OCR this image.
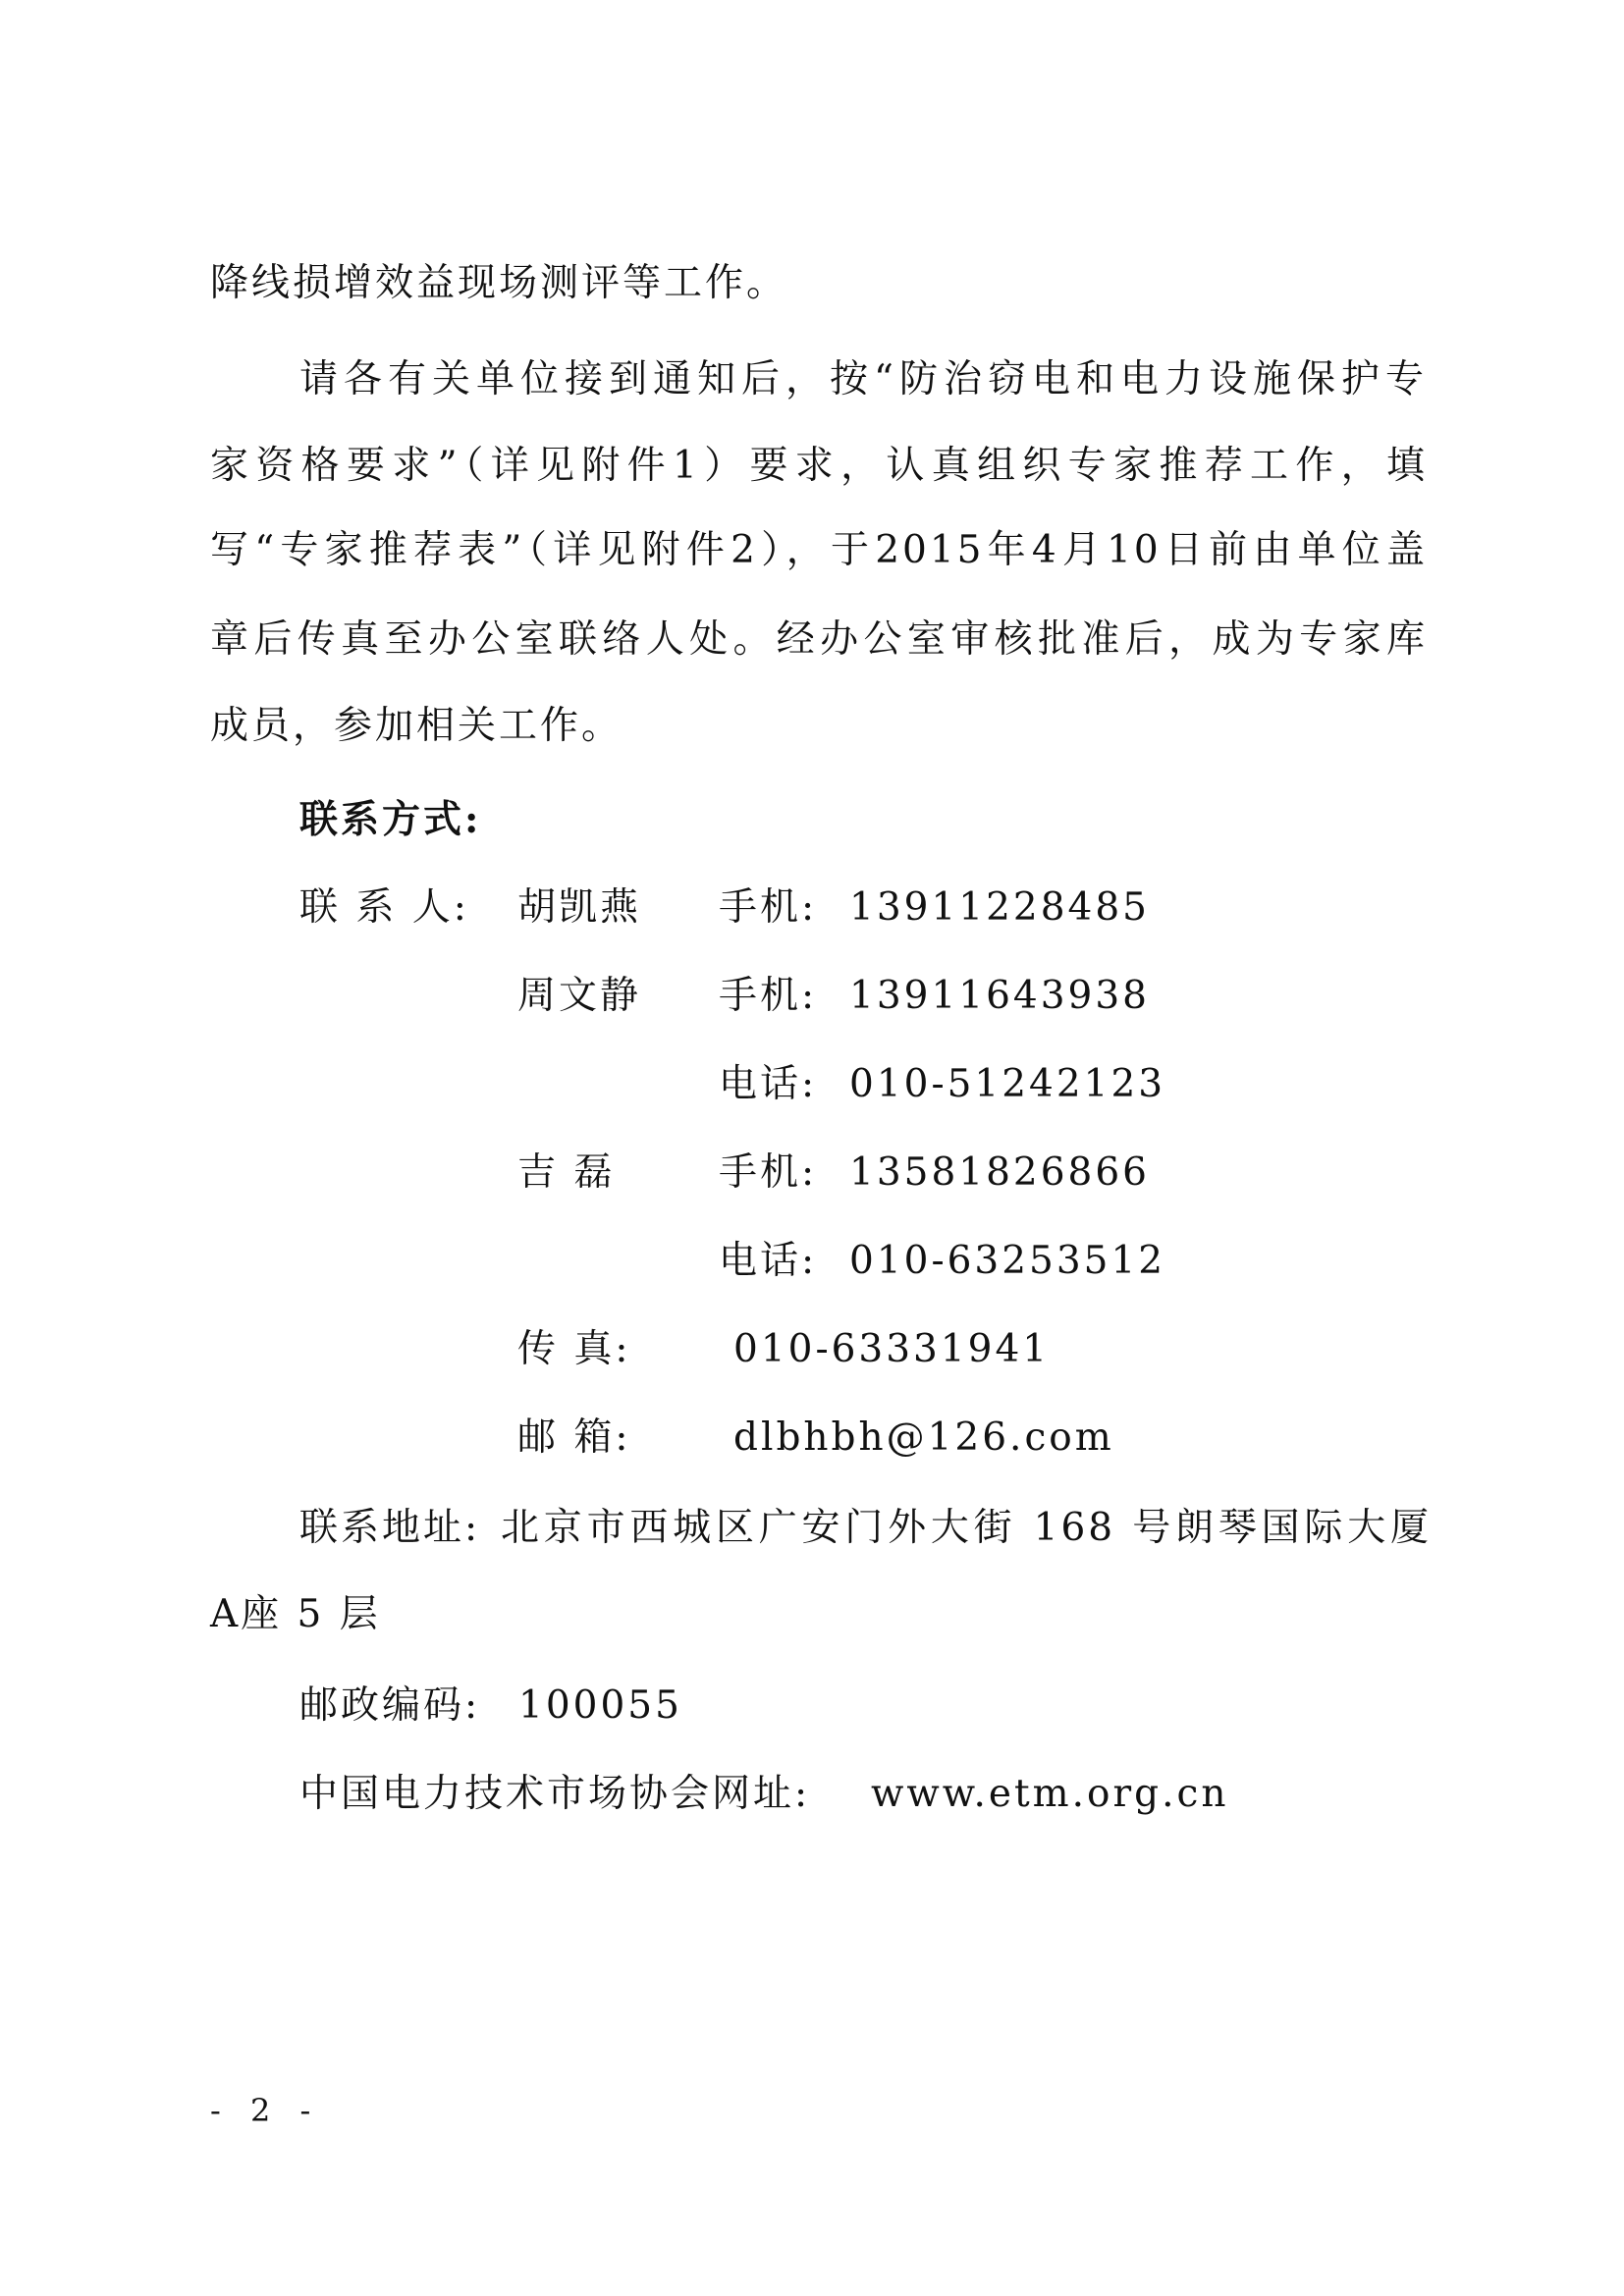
降线损增效益现场测评等工作。
请各有关单位接到通知后，按“防治窃电和电力设施保护专
家资格要求”（详见附件1）要求，认真组织专家推荐工作，填
写“专家推荐表”（详见附件2），于2015年4月10日前由单位盖
章后传真至办公室联络人处。经办公室审核批准后，成为专家库
成员，参加相关工作。
联系方式:
联 系 人: 胡凯燕 手机: 13911228485
周文静 手机: 13911643938
电话: 010-51242123
吉 磊	手机: 13581826866
电话: 010-63253512
传 真:	010-63331941
邮 箱:	dlbhbh@126.com
联系地址: 北京市西城区广安门外大街 168 号朗琴国际大厦
A座 5 层
邮政编码: 100055
中国电力技术市场协会网址: www.etm.org.cn
- 2 -
